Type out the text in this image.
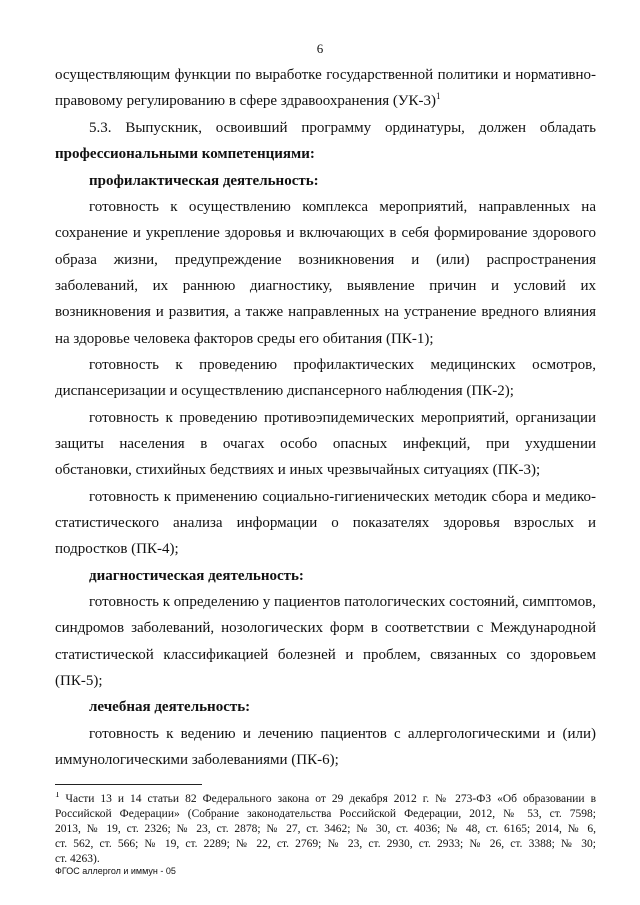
6
осуществляющим функции по выработке государственной политики и нормативно-
правовому регулированию в сфере здравоохранения $(УК-3)^1$
5.3. Выпускник, освоивший программу ординатуры, должен обладать
профессиональными компетенциями:
профилактическая деятельность:
готовность к осуществлению комплекса мероприятий, направленных на
сохранение и укрепление здоровья и включающих в себя формирование здорового
образа жизни, предупреждение возникновения и (или) распространения
заболеваний, их раннюю диагностику, выявление причин и условий их
возникновения и развития, а также направленных на устранение вредного влияния
на здоровье человека факторов среды его обитания (ПК-1);
готовность к проведению профилактических медицинских осмотров,
диспансеризации и осуществлению диспансерного наблюдения (ПК-2);
готовность к проведению противоэпидемических мероприятий, организации
защиты населения в очагах особо опасных инфекций, при ухудшении
обстановки, стихийных бедствиях и иных чрезвычайных ситуациях (ПК-3);
готовность к применению социально-гигиенических методик сбора и медико-
статистического анализа информации о показателях здоровья взрослых и
подростков (ПК-4);
диагностическая деятельность:
готовность к определению у пациентов патологических состояний, симптомов,
синдромов заболеваний, нозологических форм в соответствии с Международной
статистической классификацией болезней и проблем, связанных со здоровьем
(ПК-5);
лечебная деятельность:
готовность к ведению и лечению пациентов с аллергологическими и (или)
иммунологическими заболеваниями (ПК-6);
$^1$ Части 13 и 14 статьи 82 Федерального закона от 29 декабря 2012 г. № 273-ФЗ «Об образовании в
Российской Федерации» (Собрание законодательства Российской Федерации, 2012, № 53, ст. 7598;
2013, № 19, ст. 2326; № 23, ст. 2878; № 27, ст. 3462; № 30, ст. 4036; № 48, ст. 6165; 2014, № 6,
ст. 562, ст. 566; № 19, ст. 2289; № 22, ст. 2769; № 23, ст. 2930, ст. 2933; № 26, ст. 3388; № 30;
ст. 4263).
ФГОС аллергол и иммун - 05
